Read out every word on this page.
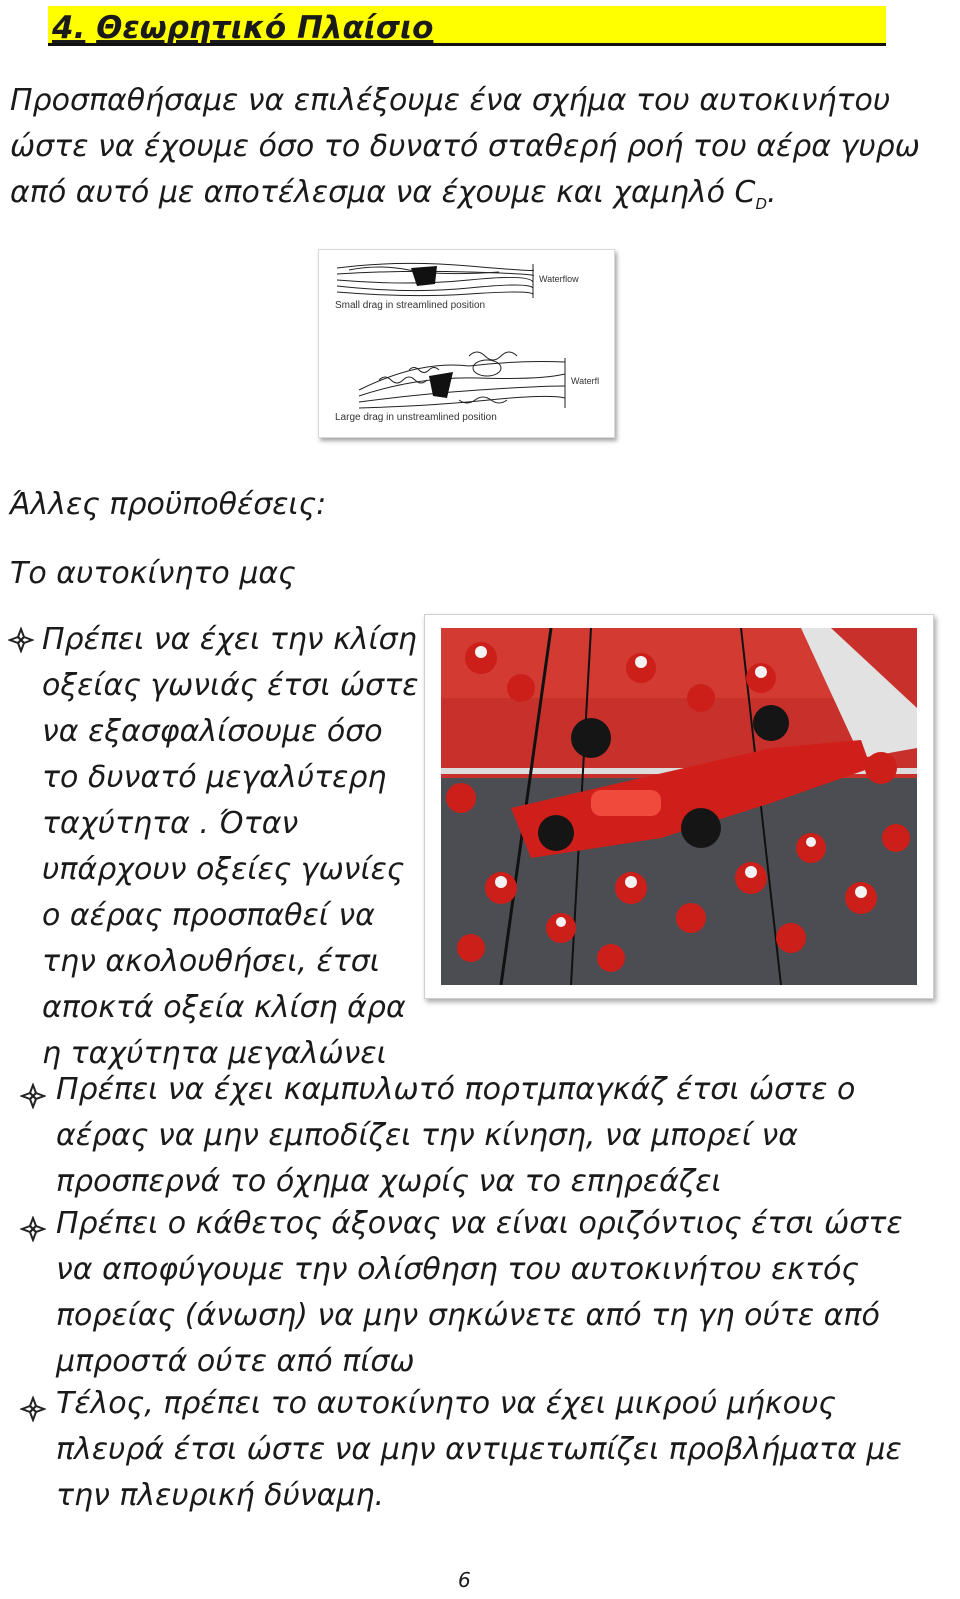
4. Θεωρητικό Πλαίσιο

Προσπαθήσαμε να επιλέξουμε ένα σχήμα του αυτοκινήτου ώστε να έχουμε όσο το δυνατό σταθερή ροή του αέρα γυρω από αυτό με αποτέλεσμα να έχουμε και χαμηλό $C_D$.

Waterflow
Small drag in streamlined position
Waterfl
Large drag in unstreamlined position

Άλλες προϋποθέσεις:

Το αυτοκίνητο μας

Πρέπει να έχει την κλίση οξείας γωνιάς έτσι ώστε να εξασφαλίσουμε όσο το δυνατό μεγαλύτερη ταχύτητα . Όταν υπάρχουν οξείες γωνίες ο αέρας προσπαθεί να την ακολουθήσει, έτσι αποκτά οξεία κλίση άρα η ταχύτητα μεγαλώνει

Πρέπει να έχει καμπυλωτό πορτμπαγκάζ έτσι ώστε ο αέρας να μην εμποδίζει την κίνηση, να μπορεί να προσπερνά το όχημα χωρίς να το επηρεάζει

Πρέπει ο κάθετος άξονας να είναι οριζόντιος έτσι ώστε να αποφύγουμε την ολίσθηση του αυτοκινήτου εκτός πορείας (άνωση) να μην σηκώνετε από τη γη ούτε από μπροστά ούτε από πίσω

Τέλος, πρέπει το αυτοκίνητο να έχει μικρού μήκους πλευρά έτσι ώστε να μην αντιμετωπίζει προβλήματα με την πλευρική δύναμη.

6
